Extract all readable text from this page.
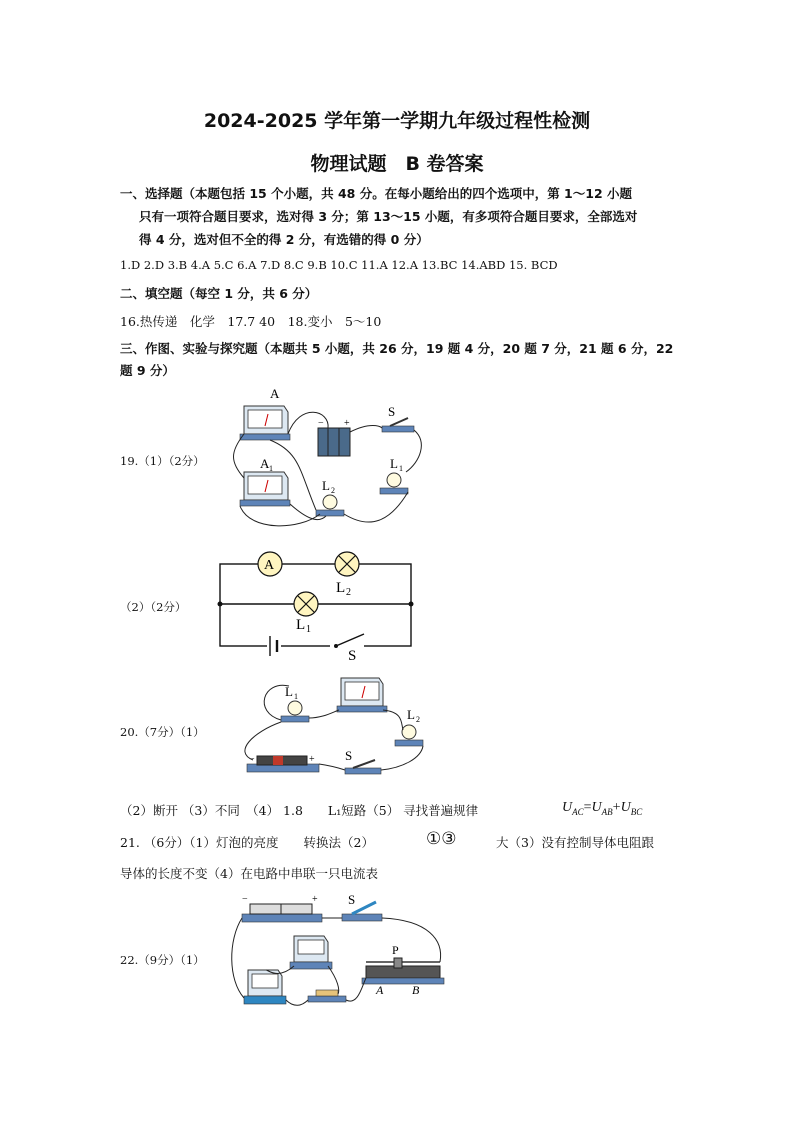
2024-2025 学年第一学期九年级过程性检测
物理试题　B 卷答案
一、选择题（本题包括 15 个小题，共 48 分。在每小题给出的四个选项中，第 1～12 小题
只有一项符合题目要求，选对得 3 分；第 13～15 小题，有多项符合题目要求，全部选对
得 4 分，选对但不全的得 2 分，有选错的得 0 分）
1.D 2.D 3.B 4.A 5.C 6.A 7.D 8.C 9.B 10.C 11.A 12.A 13.BC 14.ABD 15. BCD
二、填空题（每空 1 分，共 6 分）
16.热传递　化学　17.7 40　18.变小　5～10
三、作图、实验与探究题（本题共 5 小题，共 26 分，19 题 4 分，20 题 7 分，21 题 6 分，22
题 9 分）
19.（1）（2分）
A
− +
S
A 1
L 2
L 1
（2）（2分）
A
L 2
L 1
S
20.（7分）（1）
L 1
L 2
−	+ S
（2）断开 （3）不同　（4） 1.8　　L₁短路（5） 寻找普遍规律	$U_{AC}=U_{AB}+U_{BC}$
21. （6分）（1）灯泡的亮度　　转换法（2）	①③	大（3）没有控制导体电阻跟
导体的长度不变（4）在电路中串联一只电流表
22.（9分）（1）
−	+ S
P
A B
